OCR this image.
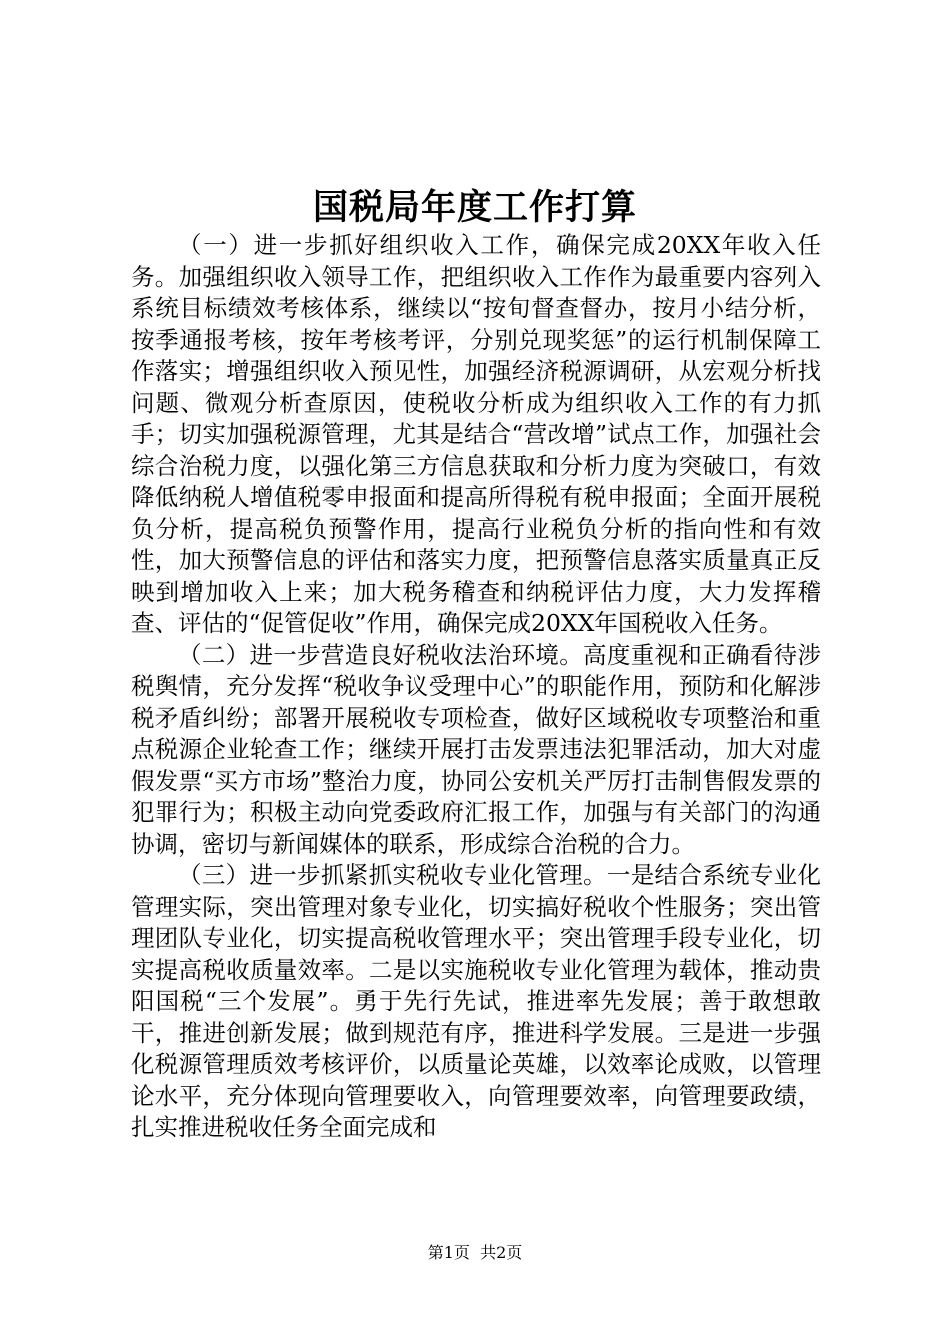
国税局年度工作打算

（一）进一步抓好组织收入工作，确保完成20XX年收入任务。加强组织收入领导工作，把组织收入工作作为最重要内容列入系统目标绩效考核体系，继续以“按旬督查督办，按月小结分析，按季通报考核，按年考核考评，分别兑现奖惩”的运行机制保障工作落实；增强组织收入预见性，加强经济税源调研，从宏观分析找问题、微观分析查原因，使税收分析成为组织收入工作的有力抓手；切实加强税源管理，尤其是结合“营改增”试点工作，加强社会综合治税力度，以强化第三方信息获取和分析力度为突破口，有效降低纳税人增值税零申报面和提高所得税有税申报面；全面开展税负分析，提高税负预警作用，提高行业税负分析的指向性和有效性，加大预警信息的评估和落实力度，把预警信息落实质量真正反映到增加收入上来；加大税务稽查和纳税评估力度，大力发挥稽查、评估的“促管促收”作用，确保完成20XX年国税收入任务。

（二）进一步营造良好税收法治环境。高度重视和正确看待涉税舆情，充分发挥“税收争议受理中心”的职能作用，预防和化解涉税矛盾纠纷；部署开展税收专项检查，做好区域税收专项整治和重点税源企业轮查工作；继续开展打击发票违法犯罪活动，加大对虚假发票“买方市场”整治力度，协同公安机关严厉打击制售假发票的犯罪行为；积极主动向党委政府汇报工作，加强与有关部门的沟通协调，密切与新闻媒体的联系，形成综合治税的合力。

（三）进一步抓紧抓实税收专业化管理。一是结合系统专业化管理实际，突出管理对象专业化，切实搞好税收个性服务；突出管理团队专业化，切实提高税收管理水平；突出管理手段专业化，切实提高税收质量效率。二是以实施税收专业化管理为载体，推动贵阳国税“三个发展”。勇于先行先试，推进率先发展；善于敢想敢干，推进创新发展；做到规范有序，推进科学发展。三是进一步强化税源管理质效考核评价，以质量论英雄，以效率论成败，以管理论水平，充分体现向管理要收入，向管理要效率，向管理要政绩，扎实推进税收任务全面完成和

第1页  共2页
